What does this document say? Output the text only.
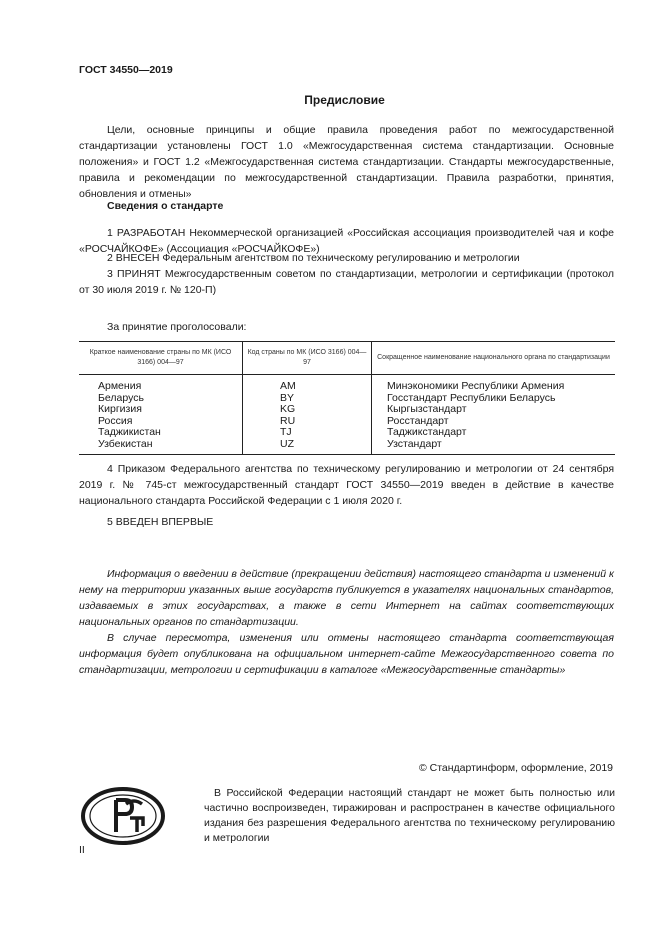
ГОСТ 34550—2019
Предисловие
Цели, основные принципы и общие правила проведения работ по межгосударственной стандартизации установлены ГОСТ 1.0 «Межгосударственная система стандартизации. Основные положения» и ГОСТ 1.2 «Межгосударственная система стандартизации. Стандарты межгосударственные, правила и рекомендации по межгосударственной стандартизации. Правила разработки, принятия, обновления и отмены»
Сведения о стандарте
1 РАЗРАБОТАН Некоммерческой организацией «Российская ассоциация производителей чая и кофе «РОСЧАЙКОФЕ» (Ассоциация «РОСЧАЙКОФЕ»)
2 ВНЕСЕН Федеральным агентством по техническому регулированию и метрологии
3 ПРИНЯТ Межгосударственным советом по стандартизации, метрологии и сертификации (протокол от 30 июля 2019 г. № 120-П)
За принятие проголосовали:
Краткое наименование страны по МК (ИСО 3166) 004—97	Код страны по МК (ИСО 3166) 004—97	Сокращенное наименование национального органа по стандартизации
Армения	AM	Минэкономики Республики Армения
Беларусь	BY	Госстандарт Республики Беларусь
Киргизия	KG	Кыргызстандарт
Россия	RU	Росстандарт
Таджикистан	TJ	Таджикстандарт
Узбекистан	UZ	Узстандарт
4 Приказом Федерального агентства по техническому регулированию и метрологии от 24 сентября 2019 г. № 745-ст межгосударственный стандарт ГОСТ 34550—2019 введен в действие в качестве национального стандарта Российской Федерации с 1 июля 2020 г.
5 ВВЕДЕН ВПЕРВЫЕ
Информация о введении в действие (прекращении действия) настоящего стандарта и изменений к нему на территории указанных выше государств публикуется в указателях национальных стандартов, издаваемых в этих государствах, а также в сети Интернет на сайтах соответствующих национальных органов по стандартизации.
В случае пересмотра, изменения или отмены настоящего стандарта соответствующая информация будет опубликована на официальном интернет-сайте Межгосударственного совета по стандартизации, метрологии и сертификации в каталоге «Межгосударственные стандарты»
© Стандартинформ, оформление, 2019
В Российской Федерации настоящий стандарт не может быть полностью или частично воспроизведен, тиражирован и распространен в качестве официального издания без разрешения Федерального агентства по техническому регулированию и метрологии
II
